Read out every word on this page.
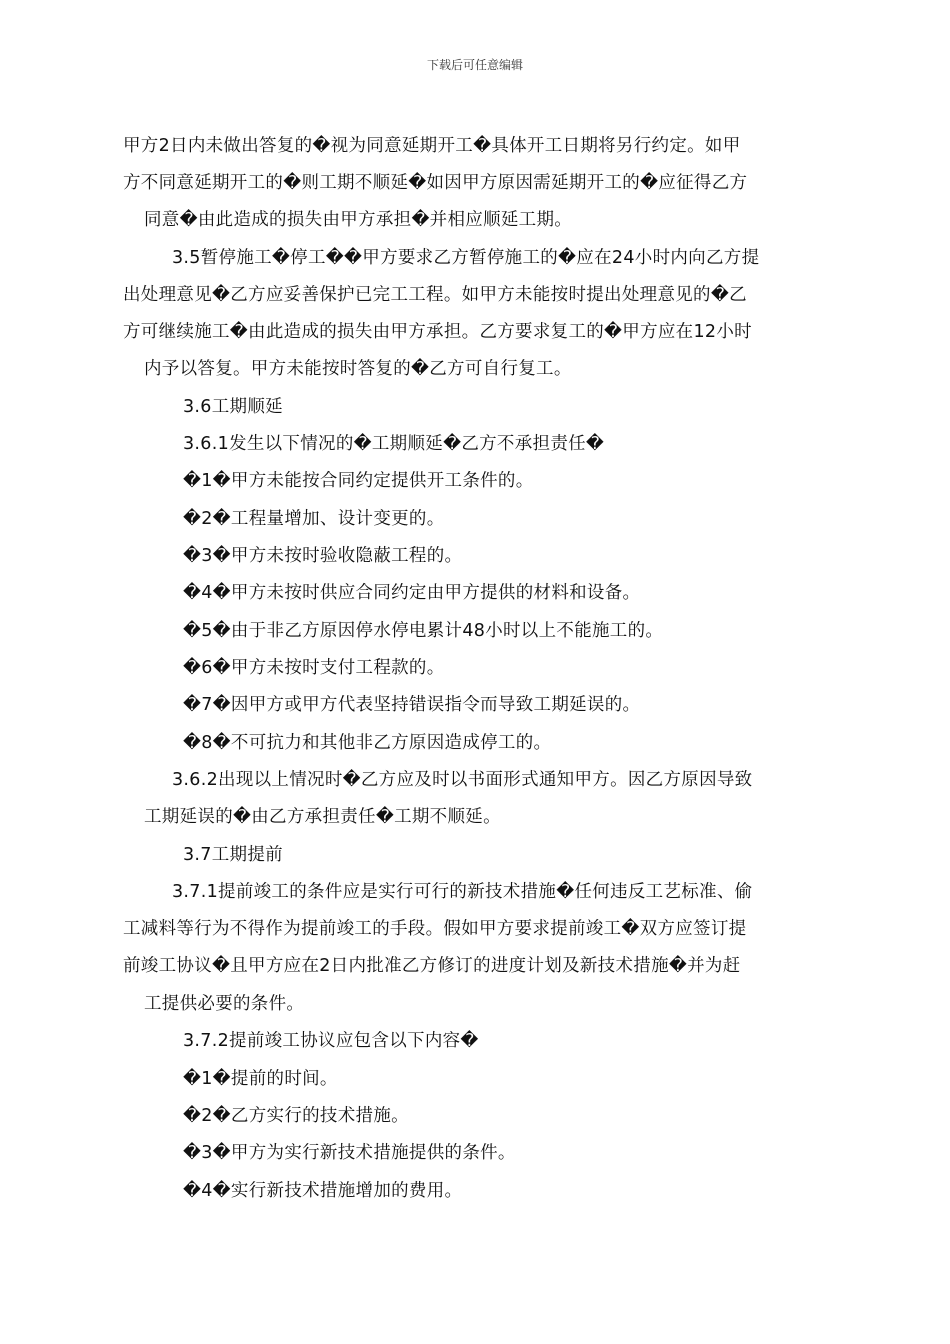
下载后可任意编辑
甲方2日内未做出答复的�视为同意延期开工�具体开工日期将另行约定。如甲
方不同意延期开工的�则工期不顺延�如因甲方原因需延期开工的�应征得乙方
同意�由此造成的损失由甲方承担�并相应顺延工期。
3.5暂停施工�停工��甲方要求乙方暂停施工的�应在24小时内向乙方提
出处理意见�乙方应妥善保护已完工工程。如甲方未能按时提出处理意见的�乙
方可继续施工�由此造成的损失由甲方承担。乙方要求复工的�甲方应在12小时
内予以答复。甲方未能按时答复的�乙方可自行复工。
3.6工期顺延
3.6.1发生以下情况的�工期顺延�乙方不承担责任�
�1�甲方未能按合同约定提供开工条件的。
�2�工程量增加、设计变更的。
�3�甲方未按时验收隐蔽工程的。
�4�甲方未按时供应合同约定由甲方提供的材料和设备。
�5�由于非乙方原因停水停电累计48小时以上不能施工的。
�6�甲方未按时支付工程款的。
�7�因甲方或甲方代表坚持错误指令而导致工期延误的。
�8�不可抗力和其他非乙方原因造成停工的。
3.6.2出现以上情况时�乙方应及时以书面形式通知甲方。因乙方原因导致
工期延误的�由乙方承担责任�工期不顺延。
3.7工期提前
3.7.1提前竣工的条件应是实行可行的新技术措施�任何违反工艺标准、偷
工减料等行为不得作为提前竣工的手段。假如甲方要求提前竣工�双方应签订提
前竣工协议�且甲方应在2日内批准乙方修订的进度计划及新技术措施�并为赶
工提供必要的条件。
3.7.2提前竣工协议应包含以下内容�
�1�提前的时间。
�2�乙方实行的技术措施。
�3�甲方为实行新技术措施提供的条件。
�4�实行新技术措施增加的费用。
